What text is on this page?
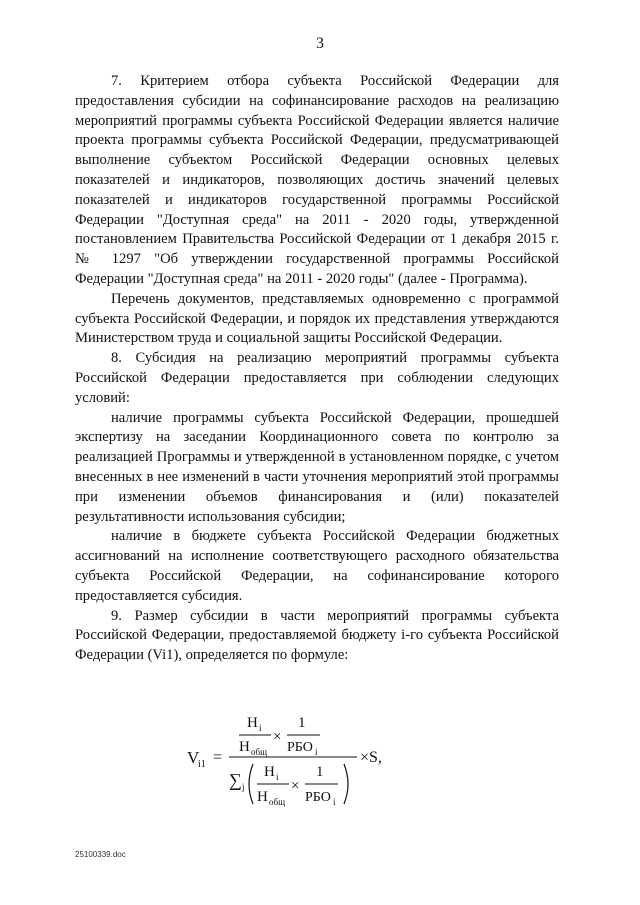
3

7. Критерием отбора субъекта Российской Федерации для предоставления субсидии на софинансирование расходов на реализацию мероприятий программы субъекта Российской Федерации является наличие проекта программы субъекта Российской Федерации, предусматривающей выполнение субъектом Российской Федерации основных целевых показателей и индикаторов, позволяющих достичь значений целевых показателей и индикаторов государственной программы Российской Федерации "Доступная среда" на 2011 - 2020 годы, утвержденной постановлением Правительства Российской Федерации от 1 декабря 2015 г. № 1297 "Об утверждении государственной программы Российской Федерации "Доступная среда" на 2011 - 2020 годы" (далее - Программа).

Перечень документов, представляемых одновременно с программой субъекта Российской Федерации, и порядок их представления утверждаются Министерством труда и социальной защиты Российской Федерации.

8. Субсидия на реализацию мероприятий программы субъекта Российской Федерации предоставляется при соблюдении следующих условий:

наличие программы субъекта Российской Федерации, прошедшей экспертизу на заседании Координационного совета по контролю за реализацией Программы и утвержденной в установленном порядке, с учетом внесенных в нее изменений в части уточнения мероприятий этой программы при изменении объемов финансирования и (или) показателей результативности использования субсидии;

наличие в бюджете субъекта Российской Федерации бюджетных ассигнований на исполнение соответствующего расходного обязательства субъекта Российской Федерации, на софинансирование которого предоставляется субсидия.

9. Размер субсидии в части мероприятий программы субъекта Российской Федерации, предоставляемой бюджету i-го субъекта Российской Федерации (Vi1), определяется по формуле:

V
i1 =
H i
H общ
×
1
РБО i
∑ j
H i
H общ
×
1
РБО i
×S,
25100339.doc
